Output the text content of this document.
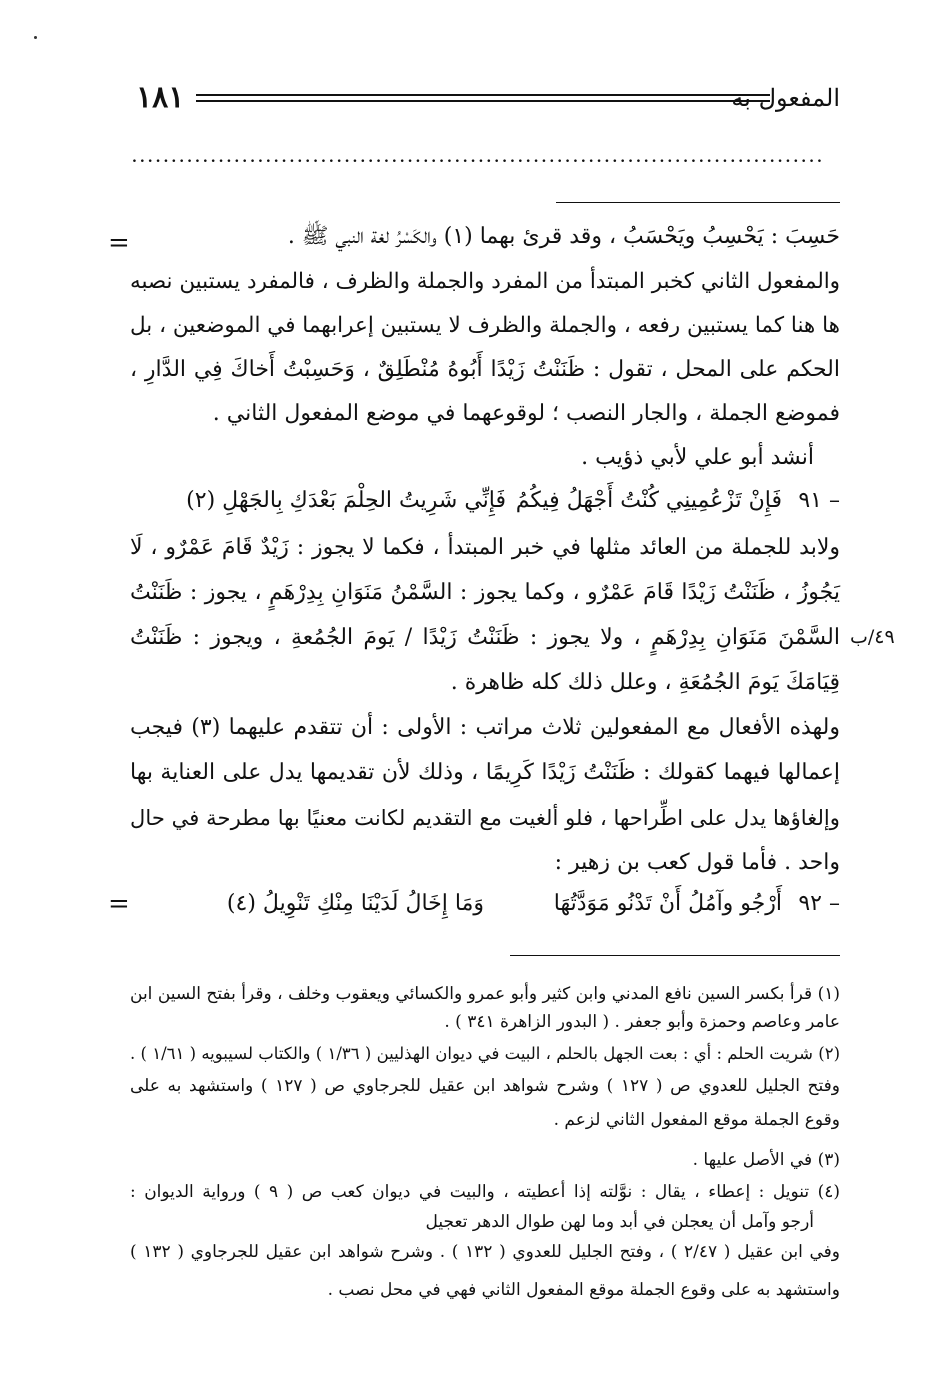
المفعول به
١٨١
........................................................................................
=	حَسِبَ : يَحْسِبُ ويَحْسَبُ ، وقد قرئ بهما (١) والكَسْرُ لغة النبي ﷺ .
والمفعول الثاني كخبر المبتدأ من المفرد والجملة والظرف ، فالمفرد يستبين نصبه
ها هنا كما يستبين رفعه ، والجملة والظرف لا يستبين إعرابهما في الموضعين ، بل
الحكم على المحل ، تقول : ظَنَنْتُ زَيْدًا أَبُوهُ مُنْطَلِقٌ ، وَحَسِبْتُ أَخاكَ فِي الدَّارِ ،
فموضع الجملة ، والجار النصب ؛ لوقوعهما في موضع المفعول الثاني .
أنشد أبو علي لأبي ذؤيب .
٩١ –
فَإِنْ تَزْعُمِينِي كُنْتُ أَجْهَلُ فِيكُمُ
فَإِنِّي شَرِيتُ الحِلْمَ بَعْدَكِ بِالجَهْلِ (٢)
ولابد للجملة من العائد مثلها في خبر المبتدأ ، فكما لا يجوز : زَيْدٌ قَامَ عَمْرٌو ، لَا
يَجُوزُ ، ظَنَنْتُ زَيْدًا قَامَ عَمْرٌو ، وكما يجوز : السَّمْنُ مَنَوَانِ بِدِرْهَمٍ ، يجوز : ظَنَنْتُ
السَّمْنَ مَنَوَانِ بِدِرْهَمٍ ، ولا يجوز : ظَنَنْتُ زَيْدًا / يَومَ الجُمُعةِ ، ويجوز : ظَنَنْتُ
قِيَامَكَ يَومَ الجُمُعَةِ ، وعلل ذلك كله ظاهرة .
٤٩/ب
ولهذه الأفعال مع المفعولين ثلاث مراتب : الأولى : أن تتقدم عليهما (٣) فيجب
إعمالها فيهما كقولك : ظَنَنْتُ زَيْدًا كَرِيمًا ، وذلك لأن تقديمها يدل على العناية بها
وإلغاؤها يدل على اطِّراحها ، فلو ألغيت مع التقديم لكانت معنيًا بها مطرحة في حال
واحد . فأما قول كعب بن زهير :
٩٢ –
أَرْجُو وآمُلُ أَنْ تَدْنُو مَوَدَّتُهَا
وَمَا إِخَالُ لَدَيْنَا مِنْكِ تَنْوِيلُ (٤)
=
(١) قرأ بكسر السين نافع المدني وابن كثير وأبو عمرو والكسائي ويعقوب وخلف ، وقرأ بفتح السين ابن
عامر وعاصم وحمزة وأبو جعفر . ( البدور الزاهرة ٣٤١ ) .
(٢) شريت الحلم : أي : بعت الجهل بالحلم ، البيت في ديوان الهذليين ( ١/٣٦ ) والكتاب لسيبويه ( ١/٦١ ) .
وفتح الجليل للعدوي ص ( ١٢٧ ) وشرح شواهد ابن عقيل للجرجاوي ص ( ١٢٧ ) واستشهد به على
وقوع الجملة موقع المفعول الثاني لزعم .
(٣) في الأصل عليها .
(٤) تنويل : إعطاء ، يقال : نوَّلته إذا أعطيته ، والبيت في ديوان كعب ص ( ٩ ) ورواية الديوان :
أرجو وآمل أن يعجلن في أبد وما لهن طوال الدهر تعجيل
وفي ابن عقيل ( ٢/٤٧ ) ، وفتح الجليل للعدوي ( ١٣٢ ) . وشرح شواهد ابن عقيل للجرجاوي ( ١٣٢ )
واستشهد به على وقوع الجملة موقع المفعول الثاني فهي في محل نصب .
